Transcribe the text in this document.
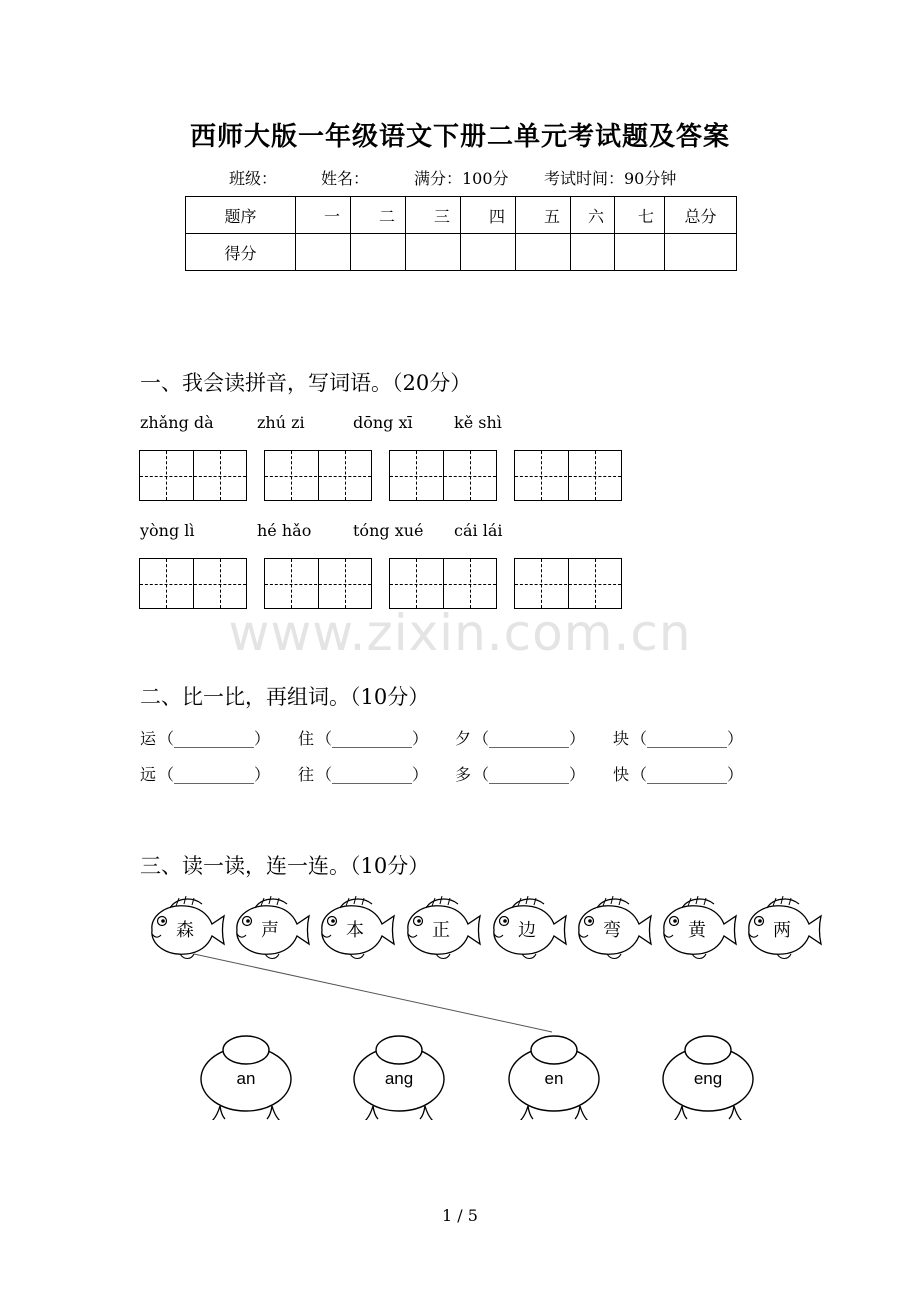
西师大版一年级语文下册二单元考试题及答案
班级：	姓名：	满分：100分 考试时间：90分钟
题序	一	二	三	四	五	六	七	总分
得分								
一、我会读拼音，写词语。（20分）
zhǎng dà	zhú zi	dōng xī	kě shì
yòng lì	hé hǎo	tóng xué cái lái
www.zixin.com.cn
二、比一比，再组词。（10分）
运 （__________） 住 （__________） 夕 （__________） 块 （__________）
远 （__________） 往 （__________） 多 （__________） 快 （__________）
三、读一读，连一连。（10分）
森	声	本	正	边	弯	黄	两
an	ang	en	eng
1 / 5
